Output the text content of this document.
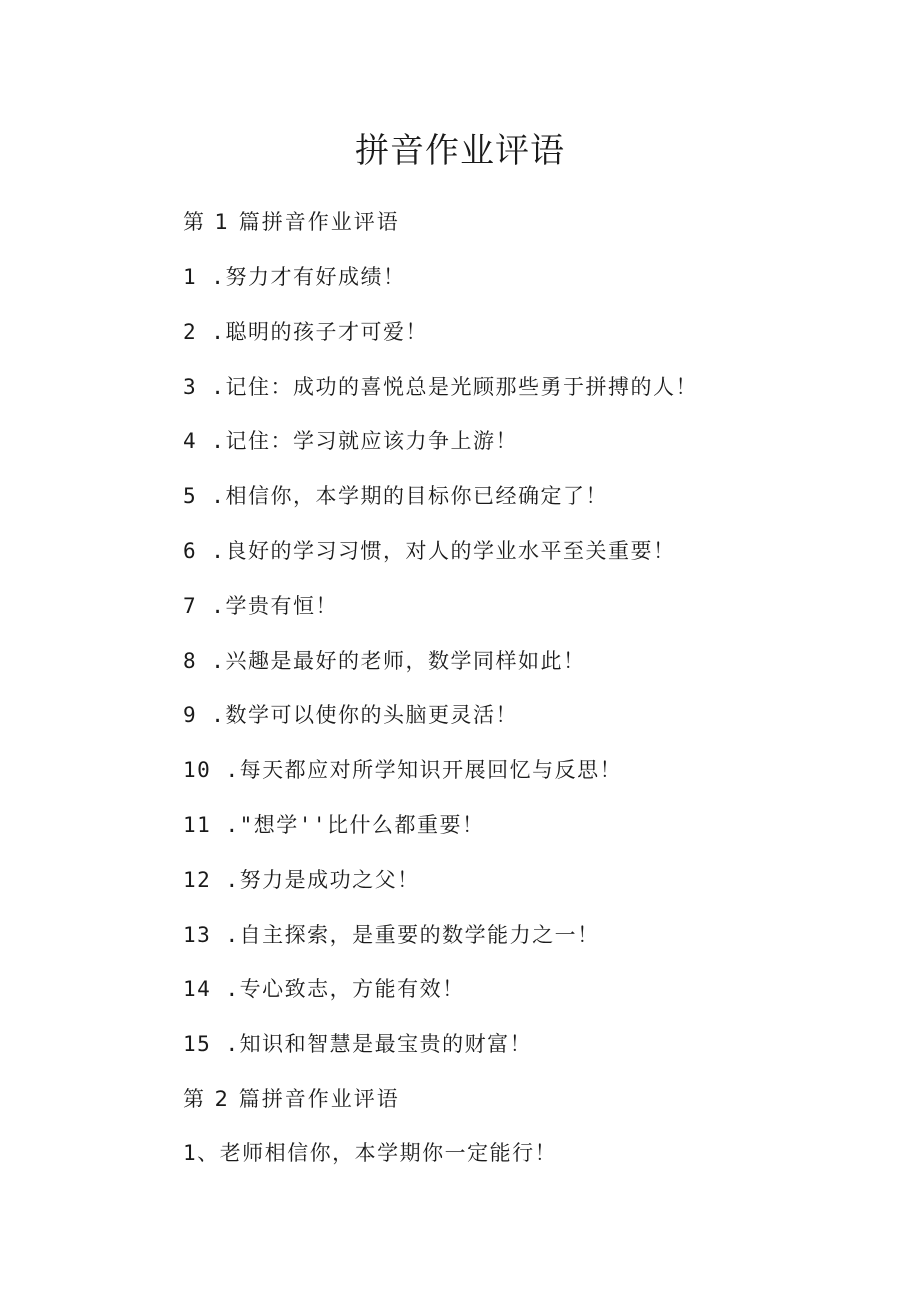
拼音作业评语

第 1 篇拼音作业评语

1 .努力才有好成绩！

2 .聪明的孩子才可爱！

3 .记住：成功的喜悦总是光顾那些勇于拼搏的人！

4 .记住：学习就应该力争上游！

5 .相信你，本学期的目标你已经确定了！

6 .良好的学习习惯，对人的学业水平至关重要！

7 .学贵有恒！

8 .兴趣是最好的老师，数学同样如此！

9 .数学可以使你的头脑更灵活！

10 .每天都应对所学知识开展回忆与反思！

11 ."想学''比什么都重要！

12 .努力是成功之父！

13 .自主探索，是重要的数学能力之一！

14 .专心致志，方能有效！

15 .知识和智慧是最宝贵的财富！

第 2 篇拼音作业评语

1、老师相信你，本学期你一定能行！
